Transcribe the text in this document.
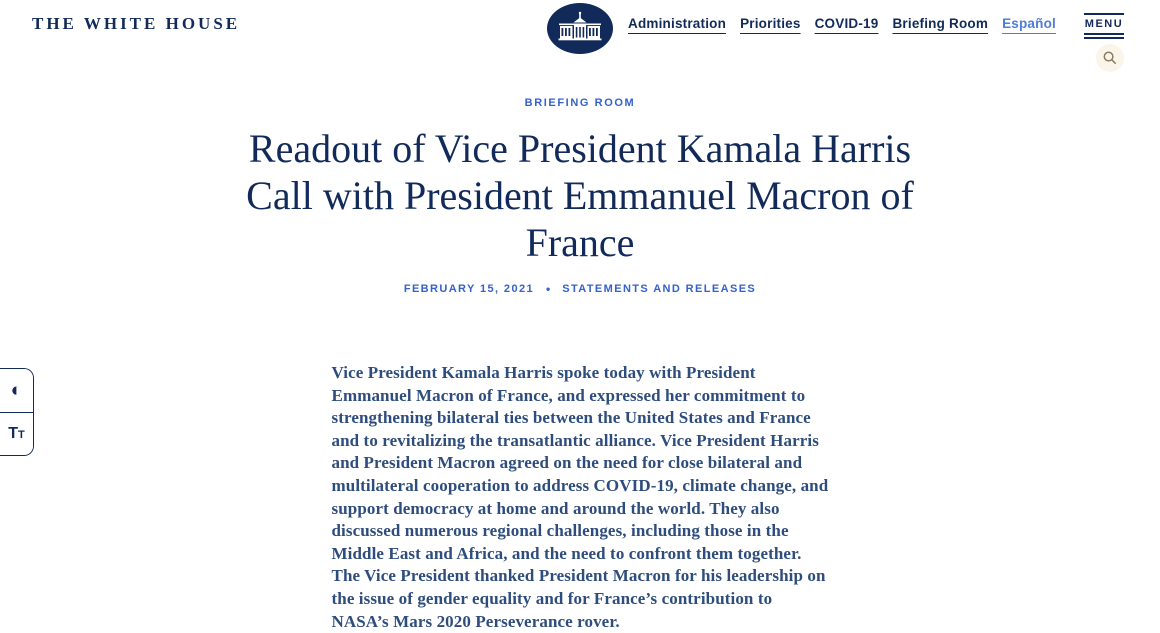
THE WHITE HOUSE	Administration Priorities COVID-19 Briefing Room Español	MENU
BRIEFING ROOM
Readout of Vice President Kamala Harris Call with President Emmanuel Macron of France
FEBRUARY 15, 2021 • STATEMENTS AND RELEASES

Vice President Kamala Harris spoke today with President Emmanuel Macron of France, and expressed her commitment to strengthening bilateral ties between the United States and France and to revitalizing the transatlantic alliance. Vice President Harris and President Macron agreed on the need for close bilateral and multilateral cooperation to address COVID-19, climate change, and support democracy at home and around the world. They also discussed numerous regional challenges, including those in the Middle East and Africa, and the need to confront them together. The Vice President thanked President Macron for his leadership on the issue of gender equality and for France’s contribution to NASA’s Mars 2020 Perseverance rover.

◐
TT
